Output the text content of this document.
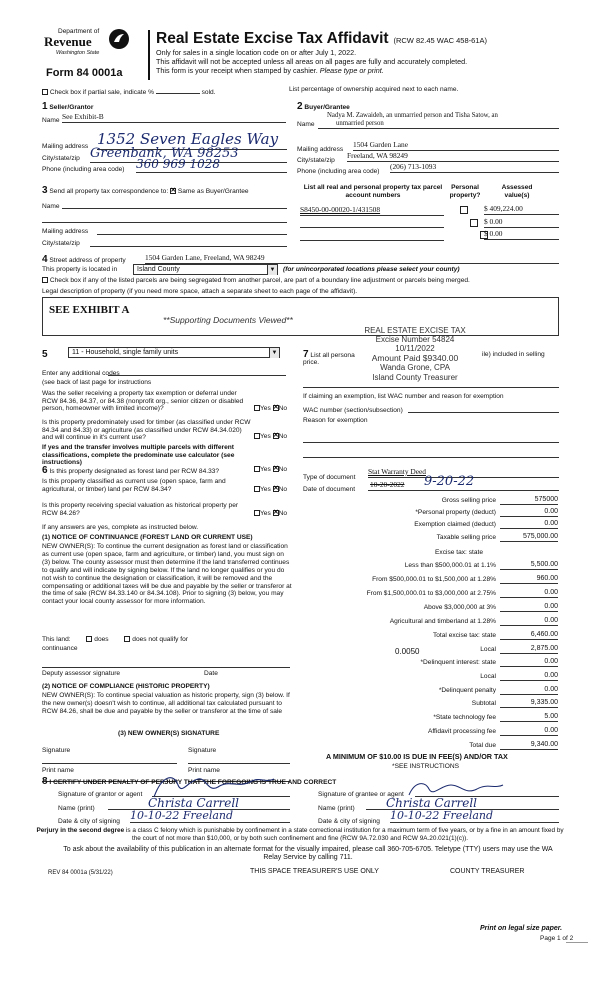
Department of
Revenue
Washington State
Form 84 0001a
Real Estate Excise Tax Affidavit (RCW 82.45 WAC 458-61A)
Only for sales in a single location code on or after July 1, 2022.
This affidavit will not be accepted unless all areas on all pages are fully and accurately completed.
This form is your receipt when stamped by cashier. Please type or print.
Check box if partial sale, indicate %	sold.	List percentage of ownership acquired next to each name.
1 Seller/Grantor
Name See Exhibit-B
Mailing address 1352 Seven Eagles Way
City/state/zip Greenbank, WA 98253
Phone (including area code) 360 969 1028
2 Buyer/Grantee
Name
Nadya M. Zawaideh, an unmarried person and Tisha Satow, an
unmarried person
Mailing address
1504 Garden Lane
City/state/zip
Freeland, WA 98249
Phone (including area code)
(206) 713-1093
3 Send all property tax correspondence to: ✕ Same as Buyer/Grantee
Name
Mailing address
City/state/zip
List all real and personal property tax parcel account numbers
Personal property?
Assessed value(s)
S8450-00-00020-1/431508
	$ 409,224.00

$ 0.00
$ 0.00
4 Street address of property	1504 Garden Lane, Freeland, WA 98249
This property is located in	Island County	▼ (for unincorporated locations please select your county)
Check box if any of the listed parcels are being segregated from another parcel, are part of a boundary line adjustment or parcels being merged.
Legal description of property (if you need more space, attach a separate sheet to each page of the affidavit).
SEE EXHIBIT A
**Supporting Documents Viewed**
REAL ESTATE EXCISE TAX
Excise Number 54824
10/11/2022
Amount Paid $9340.00
Wanda Grone, CPA
Island County Treasurer
5	11 - Household, single family units	▼
Enter any additional codes
(see back of last page for instructions
Was the seller receiving a property tax exemption or deferral under RCW 84.36, 84.37, or 84.38 (nonprofit org., senior citizen or disabled person, homeowner with limited income)?	Yes ✕ No
Is this property predominately used for timber (as classified under RCW 84.34 and 84.33) or agriculture (as classified under RCW 84.34.020) and will continue in it's current use?
If yes and the transfer involves multiple parcels with different classifications, complete the predominate use calculator (see instructions)
Yes ✕ No
7 List all persona
price.
ile) included in selling
If claiming an exemption, list WAC number and reason for exemption
WAC number (section/subsection)
Reason for exemption
6 Is this property designated as forest land per RCW 84.33?	Yes ✕ No
Is this property classified as current use (open space, farm and agricultural, or timber) land per RCW 84.34?	Yes ✕ No
Is this property receiving special valuation as historical property per RCW 84.26?	Yes ✕ No
If any answers are yes, complete as instructed below.
(1) NOTICE OF CONTINUANCE (FOREST LAND OR CURRENT USE)
NEW OWNER(S): To continue the current designation as forest land or classification as current use (open space, farm and agriculture, or timber) land, you must sign on (3) below. The county assessor must then determine if the land transferred continues to qualify and will indicate by signing below. If the land no longer qualifies or you do not wish to continue the designation or classification, it will be removed and the compensating or additional taxes will be due and payable by the seller or transferor at the time of sale (RCW 84.33.140 or 84.34.108). Prior to signing (3) below, you may contact your local county assessor for more information.
This land:	does	does not qualify for
continuance
Deputy assessor signature	Date
(2) NOTICE OF COMPLIANCE (HISTORIC PROPERTY)
NEW OWNER(S): To continue special valuation as historic property, sign (3) below. If the new owner(s) doesn't wish to continue, all additional tax calculated pursuant to RCW 84.26, shall be due and payable by the seller or transferor at the time of sale
(3) NEW OWNER(S) SIGNATURE
Signature	Signature
Print name	Print name
Type of document
Stat Warranty Deed
Date of document
10-20-2022 9-20-22
Gross selling price	575000
*Personal property (deduct)	0.00
Exemption claimed (deduct)	0.00
Taxable selling price	575,000.00
Excise tax: state
Less than $500,000.01 at 1.1%	5,500.00
From $500,000.01 to $1,500,000 at 1.28%	960.00
From $1,500,000.01 to $3,000,000 at 2.75%	0.00
Above $3,000,000 at 3%	0.00
Agricultural and timberland at 1.28%	0.00
Total excise tax: state	6,460.00
0.0050	Local	2,875.00
*Delinquent interest: state	0.00
Local	0.00
*Delinquent penalty	0.00
Subtotal	9,335.00
*State technology fee	5.00
Affidavit processing fee	0.00
Total due	9,340.00
A MINIMUM OF $10.00 IS DUE IN FEE(S) AND/OR TAX
*SEE INSTRUCTIONS
8 I CERTIFY UNDER PENALTY OF PERJURY THAT THE FOREGOING IS TRUE AND CORRECT
Signature of grantor or agent
Name (print)	Christa Carrell
Date & city of signing 10-10-22 Freeland
Signature of grantee or agent
Name (print)	Christa Carrell
Date & city of signing 10-10-22 Freeland
Perjury in the second degree is a class C felony which is punishable by confinement in a state correctional institution for a maximum term of five years, or by a fine in an amount fixed by the court of not more than $10,000, or by both such confinement and fine (RCW 9A.72.030 and RCW 9A.20.021(1)(c)).
To ask about the availability of this publication in an alternate format for the visually impaired, please call 360-705-6705. Teletype (TTY) users may use the WA Relay Service by calling 711.
REV 84 0001a (5/31/22)	THIS SPACE TREASURER'S USE ONLY	COUNTY TREASURER
Print on legal size paper.
Page 1 of 2
